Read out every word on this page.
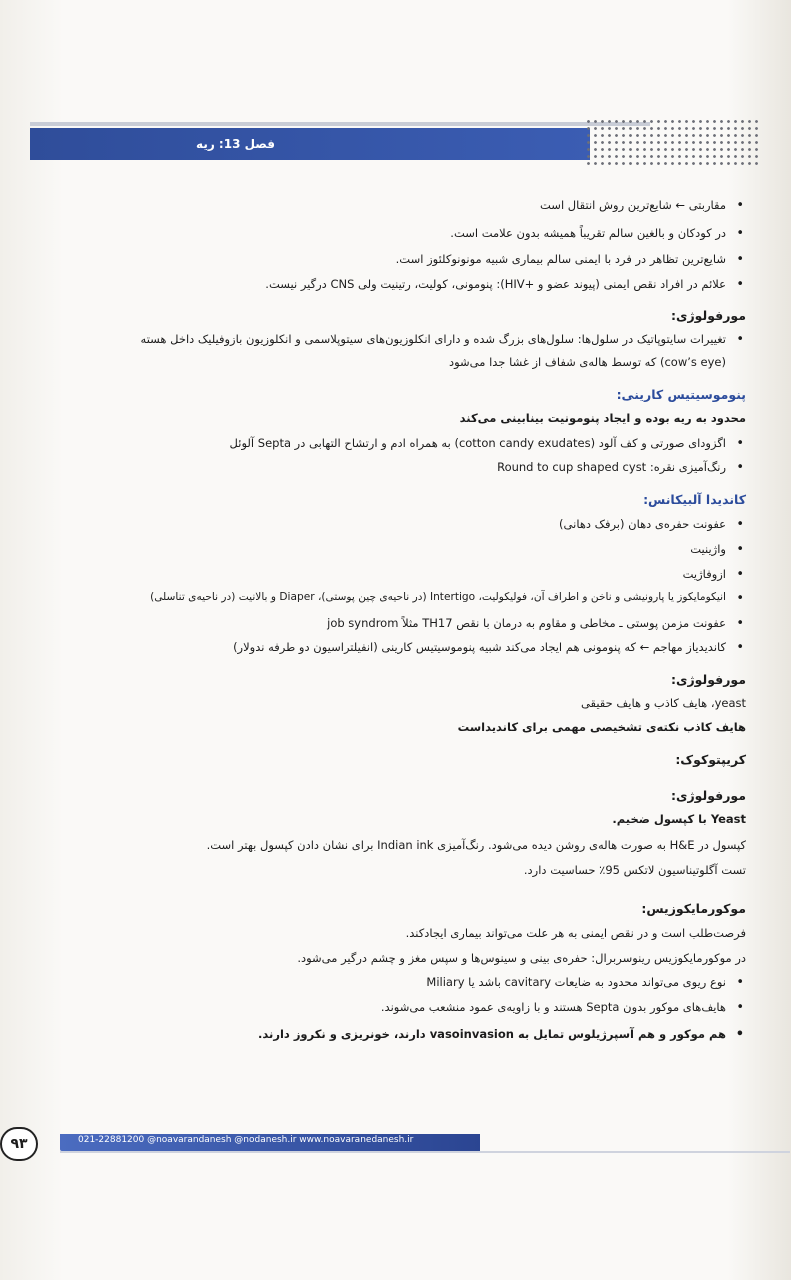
فصل 13: ریه
• مقاربتی ← شایع‌ترین روش انتقال است
• در کودکان و بالغین سالم تقریباً همیشه بدون علامت است.
• شایع‌ترین تظاهر در فرد با ایمنی سالم بیماری شبیه مونونوکلئوز است.
• علائم در افراد نقص ایمنی (پیوند عضو و +HIV): پنومونی، کولیت، رتینیت ولی CNS درگیر نیست.
مورفولوژی:
• تغییرات سایتوپاتیک در سلول‌ها: سلول‌های بزرگ شده و دارای انکلوزیون‌های سیتوپلاسمی و انکلوزیون بازوفیلیک داخل هسته
(cow’s eye) که توسط هاله‌ی شفاف از غشا جدا می‌شود
پنوموسیتیس کارینی:
محدود به ریه بوده و ایجاد پنومونیت بینابینی می‌کند
• اگزودای صورتی و کف آلود (cotton candy exudates) به همراه ادم و ارتشاح التهابی در Septa آلوئل
• رنگ‌آمیزی نقره: Round to cup shaped cyst
کاندیدا آلبیکانس:
• عفونت حفره‌ی دهان (برفک دهانی)
• واژینیت
• ازوفاژیت
• انیکومایکوز یا پارونیشی و ناخن و اطراف آن، فولیکولیت، Intertigo (در ناحیه‌ی چین پوستی)، Diaper و بالانیت (در ناحیه‌ی تناسلی)
• عفونت مزمن پوستی ـ مخاطی و مقاوم به درمان با نقص TH17 مثلاً job syndrom
• کاندیدیاز مهاجم ← که پنومونی هم ایجاد می‌کند شبیه پنوموسیتیس کارینی (انفیلتراسیون دو طرفه ندولار)
مورفولوژی:
yeast، هایف کاذب و هایف حقیقی
هایف کاذب نکته‌ی تشخیصی مهمی برای کاندیداست
کریپتوکوک:
مورفولوژی:
Yeast با کپسول ضخیم.
کپسول در H&E به صورت هاله‌ی روشن دیده می‌شود. رنگ‌آمیزی Indian ink برای نشان دادن کپسول بهتر است.
تست آگلوتیناسیون لاتکس 95٪ حساسیت دارد.
موکورمایکوزیس:
فرصت‌طلب است و در نقص ایمنی به هر علت می‌تواند بیماری ایجادکند.
در موکورمایکوزیس رینوسربرال: حفره‌ی بینی و سینوس‌ها و سپس مغز و چشم درگیر می‌شود.
• نوع ریوی می‌تواند محدود به ضایعات cavitary باشد یا Miliary
• هایف‌های موکور بدون Septa هستند و با زاویه‌ی عمود منشعب می‌شوند.
• هم موکور و هم آسپرژیلوس تمایل به vasoinvasion دارند، خونریزی و نکروز دارند.
021-22881200 @noavarandanesh @nodanesh.ir www.noavaranedanesh.ir
۹۳
